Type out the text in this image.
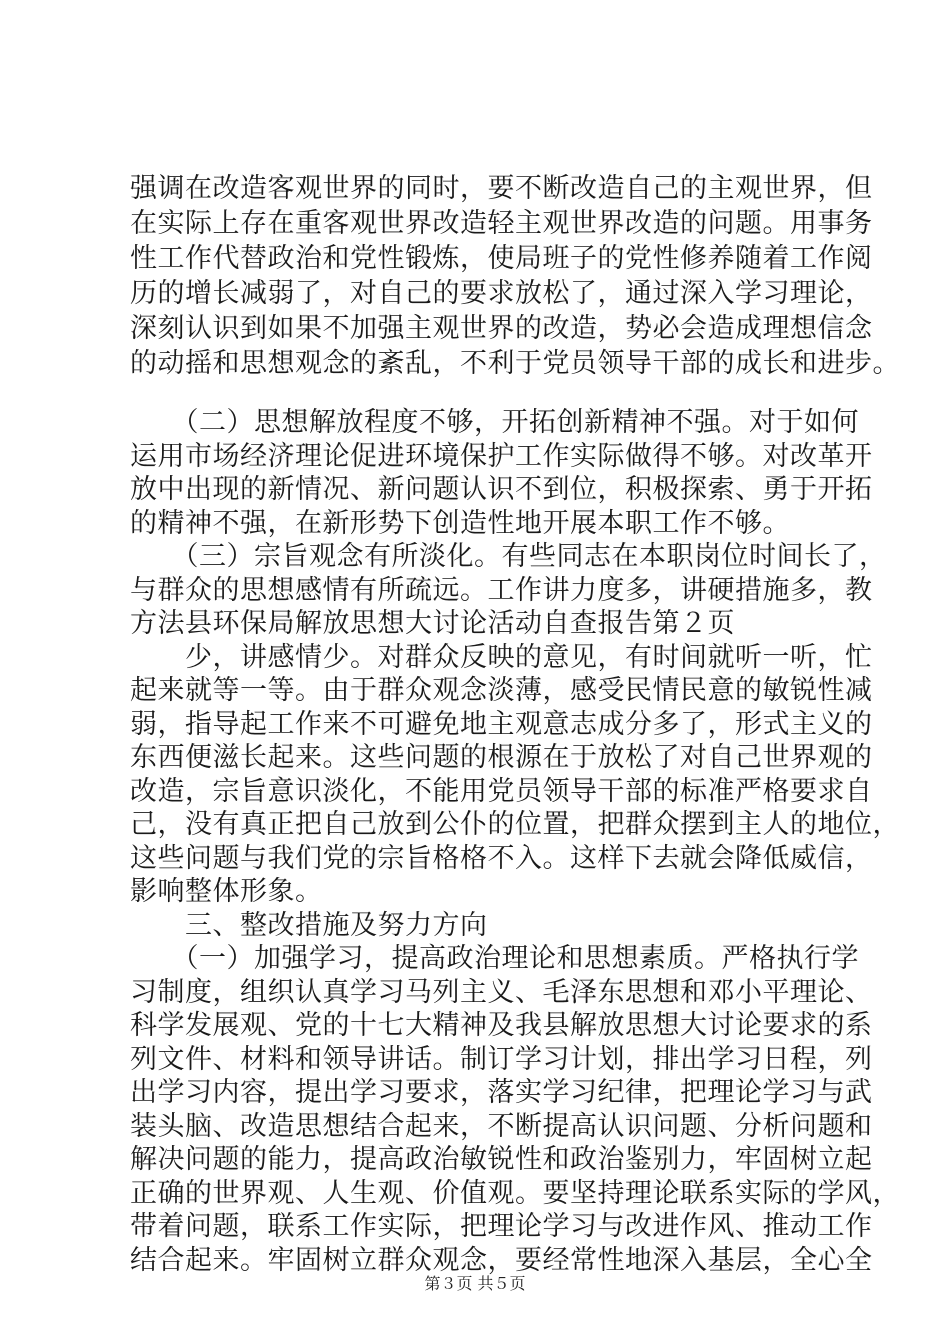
强调在改造客观世界的同时，要不断改造自己的主观世界，但
在实际上存在重客观世界改造轻主观世界改造的问题。用事务
性工作代替政治和党性锻炼，使局班子的党性修养随着工作阅
历的增长减弱了，对自己的要求放松了，通过深入学习理论，
深刻认识到如果不加强主观世界的改造，势必会造成理想信念
的动摇和思想观念的紊乱，不利于党员领导干部的成长和进步。
　　（二）思想解放程度不够，开拓创新精神不强。对于如何
运用市场经济理论促进环境保护工作实际做得不够。对改革开
放中出现的新情况、新问题认识不到位，积极探索、勇于开拓
的精神不强，在新形势下创造性地开展本职工作不够。
　　（三）宗旨观念有所淡化。有些同志在本职岗位时间长了，
与群众的思想感情有所疏远。工作讲力度多，讲硬措施多，教
方法县环保局解放思想大讨论活动自查报告第２页
　　少，讲感情少。对群众反映的意见，有时间就听一听，忙
起来就等一等。由于群众观念淡薄，感受民情民意的敏锐性减
弱，指导起工作来不可避免地主观意志成分多了，形式主义的
东西便滋长起来。这些问题的根源在于放松了对自己世界观的
改造，宗旨意识淡化，不能用党员领导干部的标准严格要求自
己，没有真正把自己放到公仆的位置，把群众摆到主人的地位，
这些问题与我们党的宗旨格格不入。这样下去就会降低威信，
影响整体形象。
　　三、整改措施及努力方向
　　（一）加强学习，提高政治理论和思想素质。严格执行学
习制度，组织认真学习马列主义、毛泽东思想和邓小平理论、
科学发展观、党的十七大精神及我县解放思想大讨论要求的系
列文件、材料和领导讲话。制订学习计划，排出学习日程，列
出学习内容，提出学习要求，落实学习纪律，把理论学习与武
装头脑、改造思想结合起来，不断提高认识问题、分析问题和
解决问题的能力，提高政治敏锐性和政治鉴别力，牢固树立起
正确的世界观、人生观、价值观。要坚持理论联系实际的学风，
带着问题，联系工作实际，把理论学习与改进作风、推动工作
结合起来。牢固树立群众观念，要经常性地深入基层，全心全
第３页 共５页
